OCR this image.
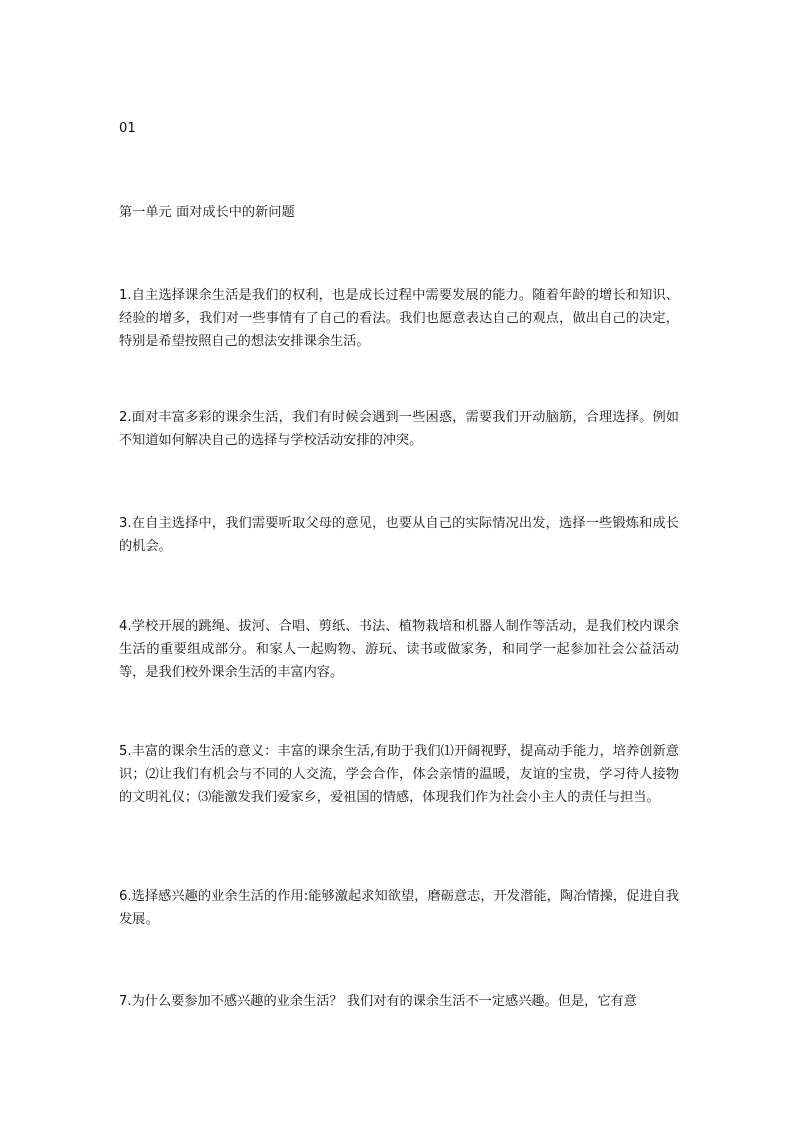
01

第一单元 面对成长中的新问题

1.自主选择课余生活是我们的权利，也是成长过程中需要发展的能力。随着年龄的增长和知识、经验的增多，我们对一些事情有了自己的看法。我们也愿意表达自己的观点，做出自己的决定，特别是希望按照自己的想法安排课余生活。

2.面对丰富多彩的课余生活，我们有时候会遇到一些困惑，需要我们开动脑筋，合理选择。例如不知道如何解决自己的选择与学校活动安排的冲突。

3.在自主选择中，我们需要听取父母的意见，也要从自己的实际情况出发，选择一些锻炼和成长的机会。

4.学校开展的跳绳、拔河、合唱、剪纸、书法、植物栽培和机器人制作等活动，是我们校内课余生活的重要组成部分。和家人一起购物、游玩、读书或做家务，和同学一起参加社会公益活动等，是我们校外课余生活的丰富内容。

5.丰富的课余生活的意义：丰富的课余生活,有助于我们⑴开阔视野，提高动手能力，培养创新意识；⑵让我们有机会与不同的人交流，学会合作，体会亲情的温暖，友谊的宝贵，学习待人接物的文明礼仪；⑶能激发我们爱家乡，爱祖国的情感，体现我们作为社会小主人的责任与担当。

6.选择感兴趣的业余生活的作用:能够激起求知欲望，磨砺意志，开发潜能，陶冶情操，促进自我发展。

7.为什么要参加不感兴趣的业余生活？ 我们对有的课余生活不一定感兴趣。但是，它有意
